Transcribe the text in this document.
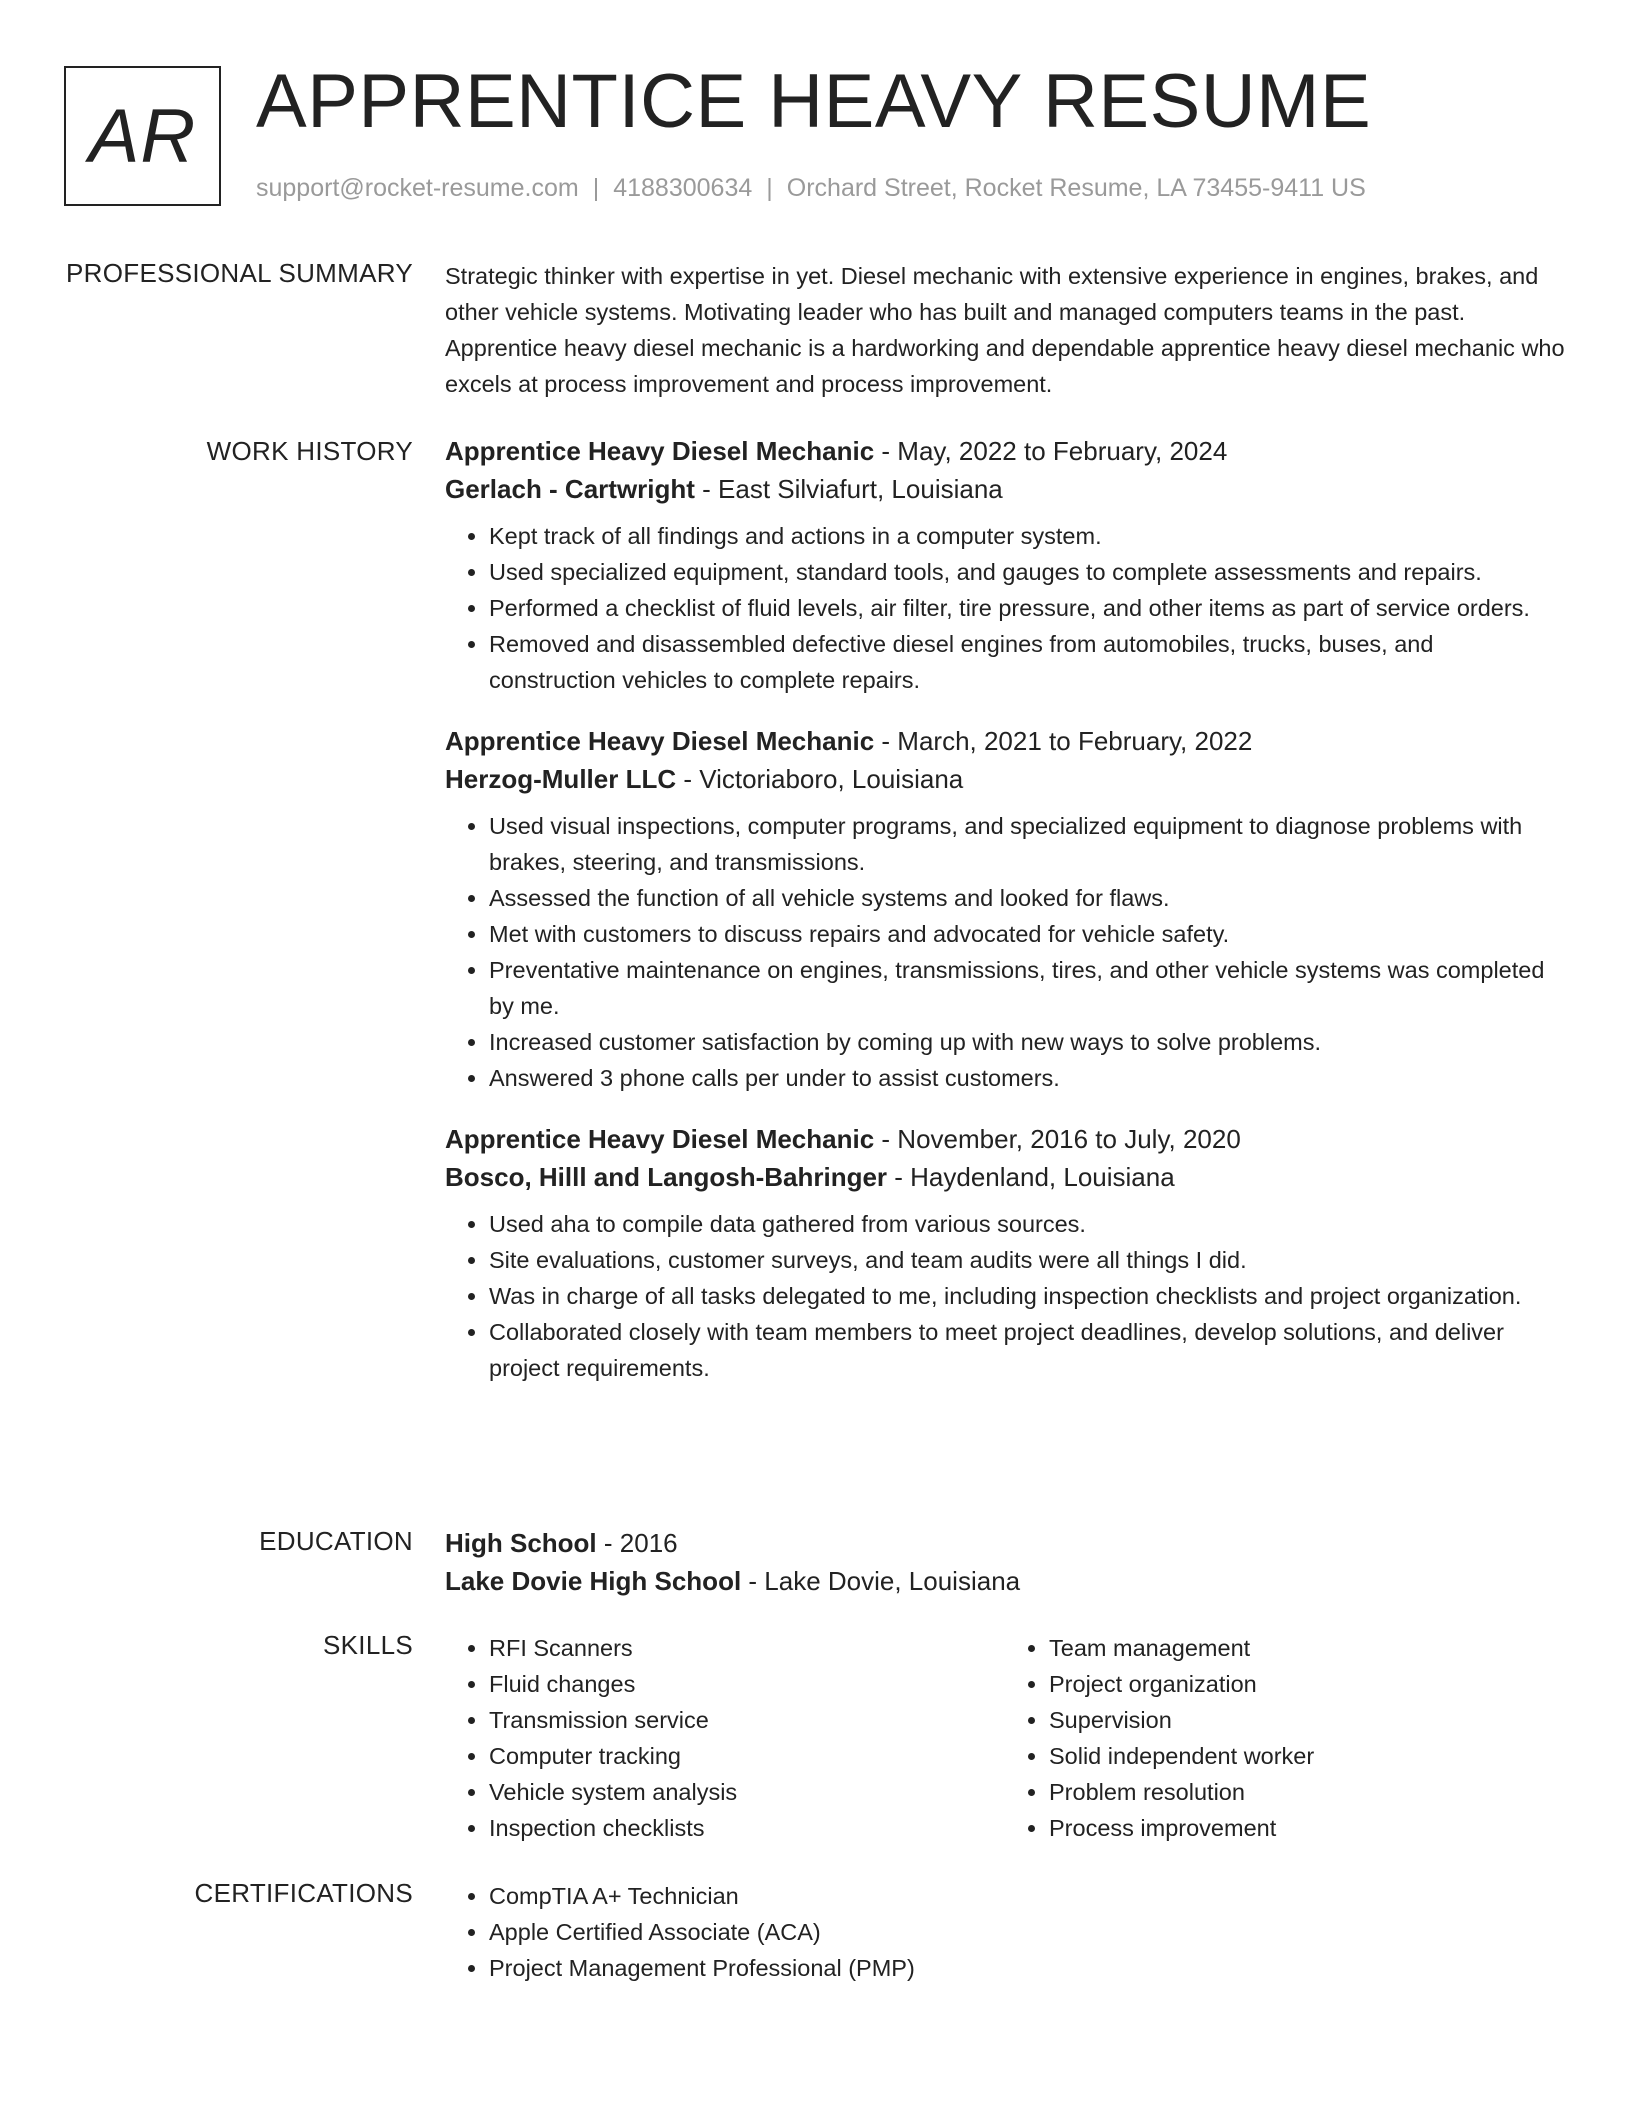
AR APPRENTICE HEAVY RESUME
support@rocket-resume.com | 4188300634 | Orchard Street, Rocket Resume, LA 73455-9411 US
PROFESSIONAL SUMMARY Strategic thinker with expertise in yet. Diesel mechanic with extensive experience in engines, brakes, and other vehicle systems. Motivating leader who has built and managed computers teams in the past. Apprentice heavy diesel mechanic is a hardworking and dependable apprentice heavy diesel mechanic who excels at process improvement and process improvement.

WORK HISTORY Apprentice Heavy Diesel Mechanic - May, 2022 to February, 2024
Gerlach - Cartwright - East Silviafurt, Louisiana
• Kept track of all findings and actions in a computer system.
• Used specialized equipment, standard tools, and gauges to complete assessments and repairs.
• Performed a checklist of fluid levels, air filter, tire pressure, and other items as part of service orders.
• Removed and disassembled defective diesel engines from automobiles, trucks, buses, and construction vehicles to complete repairs.
Apprentice Heavy Diesel Mechanic - March, 2021 to February, 2022
Herzog-Muller LLC - Victoriaboro, Louisiana
• Used visual inspections, computer programs, and specialized equipment to diagnose problems with brakes, steering, and transmissions.
• Assessed the function of all vehicle systems and looked for flaws.
• Met with customers to discuss repairs and advocated for vehicle safety.
• Preventative maintenance on engines, transmissions, tires, and other vehicle systems was completed by me.
• Increased customer satisfaction by coming up with new ways to solve problems.
• Answered 3 phone calls per under to assist customers.
Apprentice Heavy Diesel Mechanic - November, 2016 to July, 2020
Bosco, Hilll and Langosh-Bahringer - Haydenland, Louisiana
• Used aha to compile data gathered from various sources.
• Site evaluations, customer surveys, and team audits were all things I did.
• Was in charge of all tasks delegated to me, including inspection checklists and project organization.
• Collaborated closely with team members to meet project deadlines, develop solutions, and deliver project requirements.
EDUCATION High School - 2016
Lake Dovie High School - Lake Dovie, Louisiana
SKILLS	• RFI Scanners
• Fluid changes
• Transmission service
• Computer tracking
• Vehicle system analysis
• Inspection checklists
• Team management
• Project organization
• Supervision
• Solid independent worker
• Problem resolution
• Process improvement
CERTIFICATIONS	• CompTIA A+ Technician
• Apple Certified Associate (ACA)
• Project Management Professional (PMP)
